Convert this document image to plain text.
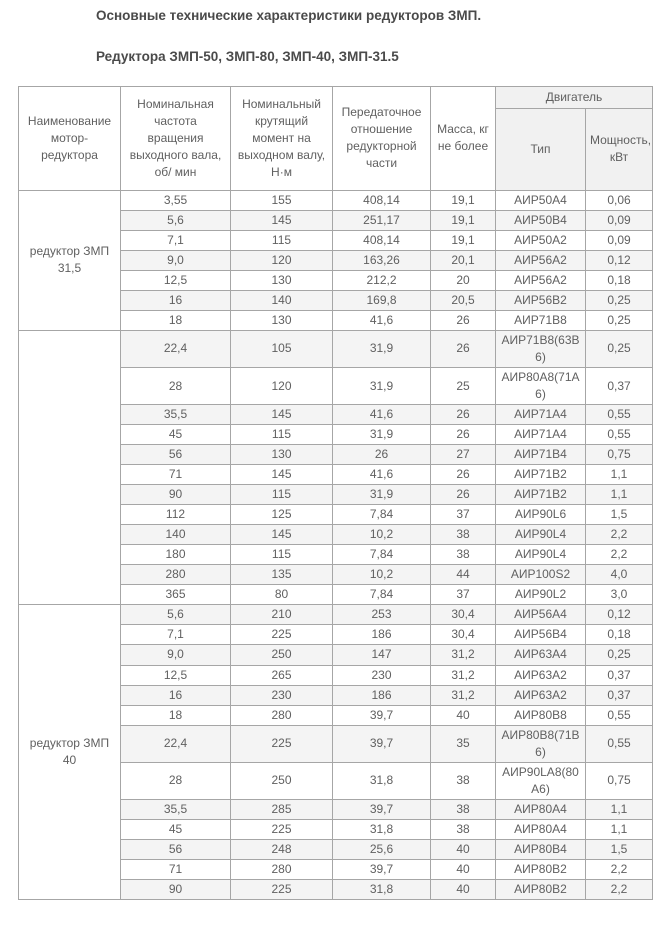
Основные технические характеристики редукторов ЗМП.

Редуктора ЗМП-50, ЗМП-80, ЗМП-40, ЗМП-31.5

Наименование мотор-редуктора	Номинальная частота вращения выходного вала, об/ мин	Номинальный крутящий момент на выходном валу, Н·м	Передаточное отношение редукторной части	Масса, кг не более	Двигатель	
					Тип	Мощность, кВт
редуктор ЗМП 31,5	3,55	155	408,14	19,1	АИР50А4	0,06
	5,6	145	251,17	19,1	АИР50В4	0,09
	7,1	115	408,14	19,1	АИР50А2	0,09
	9,0	120	163,26	20,1	АИР56А2	0,12
	12,5	130	212,2	20	АИР56А2	0,18
	16	140	169,8	20,5	АИР56В2	0,25
	18	130	41,6	26	АИР71В8	0,25
	22,4	105	31,9	26	АИР71В8(63В6)	0,25
	28	120	31,9	25	АИР80А8(71А6)	0,37
	35,5	145	41,6	26	АИР71А4	0,55
	45	115	31,9	26	АИР71А4	0,55
	56	130	26	27	АИР71В4	0,75
	71	145	41,6	26	АИР71В2	1,1
	90	115	31,9	26	АИР71В2	1,1
	112	125	7,84	37	АИР90L6	1,5
	140	145	10,2	38	АИР90L4	2,2
	180	115	7,84	38	АИР90L4	2,2
	280	135	10,2	44	АИР100S2	4,0
	365	80	7,84	37	АИР90L2	3,0
редуктор ЗМП 40	5,6	210	253	30,4	АИР56А4	0,12
	7,1	225	186	30,4	АИР56В4	0,18
	9,0	250	147	31,2	АИР63А4	0,25
	12,5	265	230	31,2	АИР63А2	0,37
	16	230	186	31,2	АИР63А2	0,37
	18	280	39,7	40	АИР80В8	0,55
	22,4	225	39,7	35	АИР80В8(71В6)	0,55
	28	250	31,8	38	АИР90LA8(80А6)	0,75
	35,5	285	39,7	38	АИР80А4	1,1
	45	225	31,8	38	АИР80А4	1,1
	56	248	25,6	40	АИР80В4	1,5
	71	280	39,7	40	АИР80В2	2,2
	90	225	31,8	40	АИР80В2	2,2
